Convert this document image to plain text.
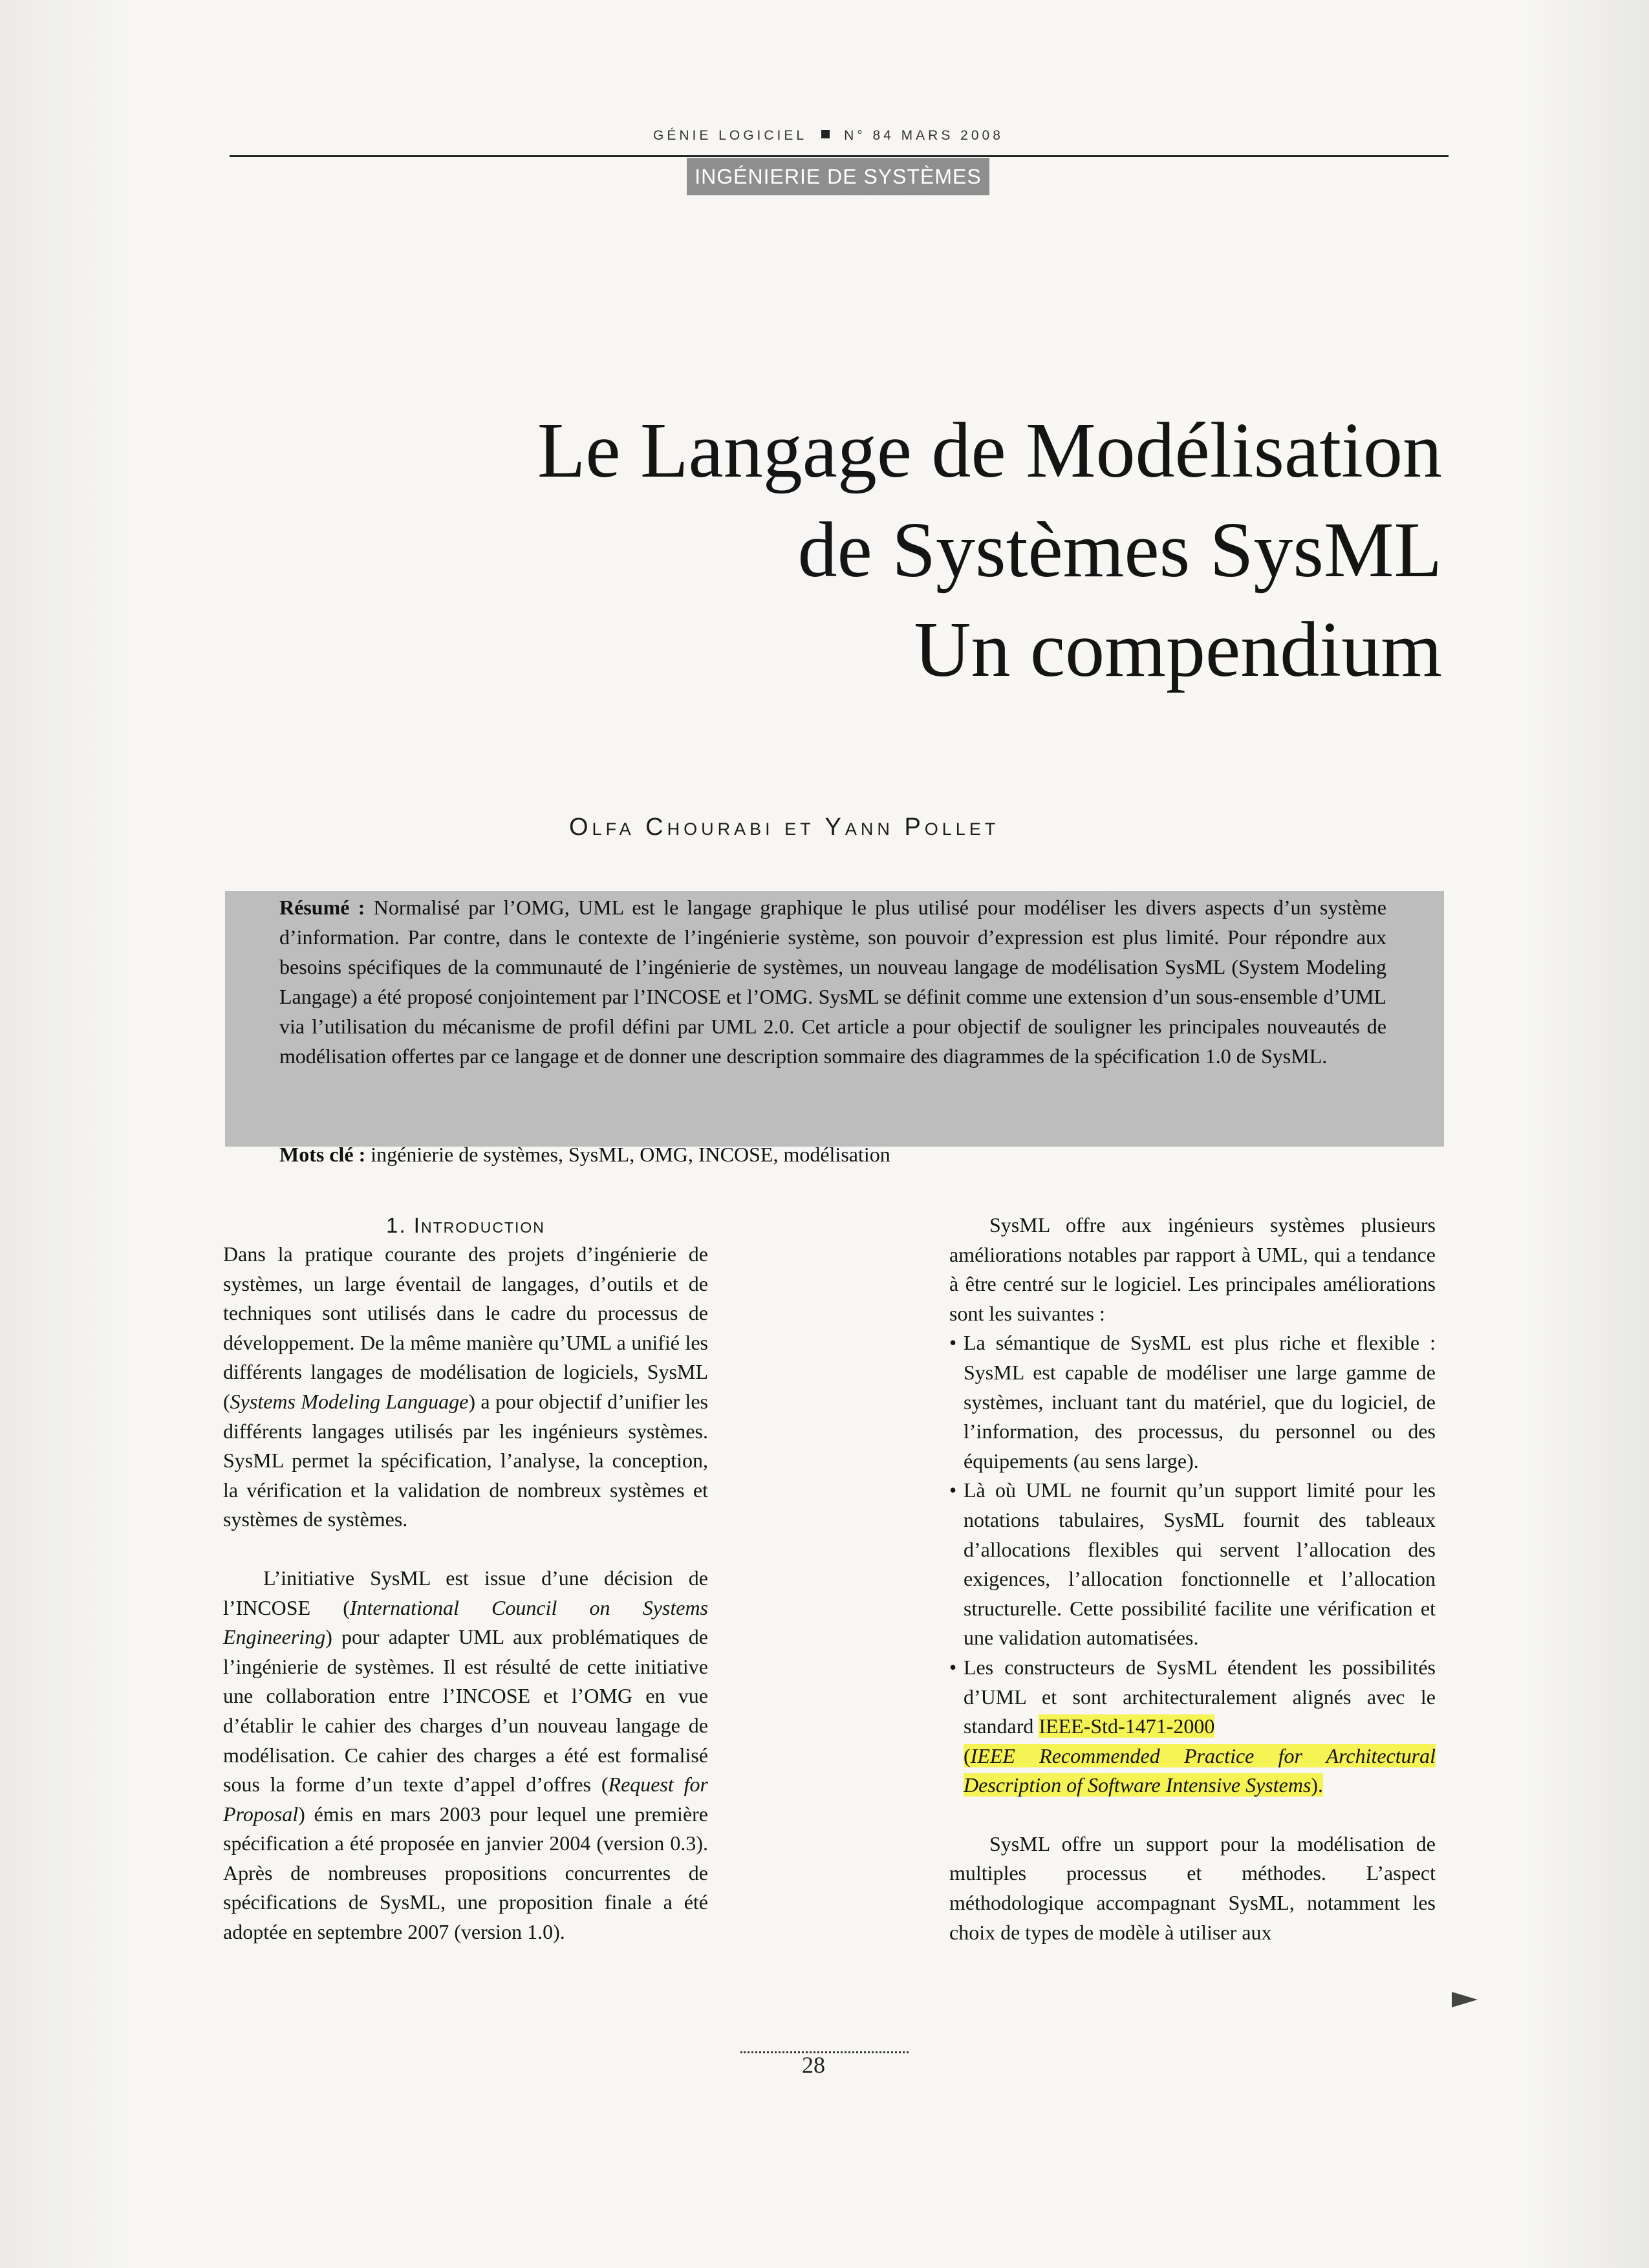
GÉNIE LOGICIEL	N° 84 MARS 2008
INGÉNIERIE DE SYSTÈMES
Le Langage de Modélisation
de Systèmes SysML
Un compendium
Olfa Chourabi et Yann Pollet
Résumé : Normalisé par l’OMG, UML est le langage graphique le plus utilisé pour modéliser les divers aspects d’un système d’information. Par contre, dans le contexte de l’ingénierie système, son pouvoir d’expression est plus limité. Pour répondre aux besoins spécifiques de la communauté de l’ingénierie de systèmes, un nouveau langage de modélisation SysML (System Modeling Langage) a été proposé conjointement par l’INCOSE et l’OMG. SysML se définit comme une extension d’un sous-ensemble d’UML via l’utilisation du mécanisme de profil défini par UML 2.0. Cet article a pour objectif de souligner les principales nouveautés de modélisation offertes par ce langage et de donner une description sommaire des diagrammes de la spécification 1.0 de SysML.
Mots clé : ingénierie de systèmes, SysML, OMG, INCOSE, modélisation
1. Introduction

Dans la pratique courante des projets d’ingénierie de systèmes, un large éventail de langages, d’outils et de techniques sont utilisés dans le cadre du processus de développement. De la même manière qu’UML a unifié les différents langages de modélisation de logiciels, SysML (Systems Modeling Language) a pour objectif d’unifier les différents langages utilisés par les ingénieurs systèmes. SysML permet la spécification, l’analyse, la conception, la vérification et la validation de nombreux systèmes et systèmes de systèmes.

L’initiative SysML est issue d’une décision de l’INCOSE (International Council on Systems Engineering) pour adapter UML aux problématiques de l’ingénierie de systèmes. Il est résulté de cette initiative une collaboration entre l’INCOSE et l’OMG en vue d’établir le cahier des charges d’un nouveau langage de modélisation. Ce cahier des charges a été est formalisé sous la forme d’un texte d’appel d’offres (Request for Proposal) émis en mars 2003 pour lequel une première spécification a été proposée en janvier 2004 (version 0.3). Après de nombreuses propositions concurrentes de spécifications de SysML, une proposition finale a été adoptée en septembre 2007 (version 1.0).

SysML offre aux ingénieurs systèmes plusieurs améliorations notables par rapport à UML, qui a tendance à être centré sur le logiciel. Les principales améliorations sont les suivantes :

• La sémantique de SysML est plus riche et flexible : SysML est capable de modéliser une large gamme de systèmes, incluant tant du matériel, que du logiciel, de l’information, des processus, du personnel ou des équipements (au sens large).
• Là où UML ne fournit qu’un support limité pour les notations tabulaires, SysML fournit des tableaux d’allocations flexibles qui servent l’allocation des exigences, l’allocation fonctionnelle et l’allocation structurelle. Cette possibilité facilite une vérification et une validation automatisées.
• Les constructeurs de SysML étendent les possibilités d’UML et sont architecturalement alignés avec le standard IEEE-Std-1471-2000
(IEEE Recommended Practice for Architectural Description of Software Intensive Systems).

SysML offre un support pour la modélisation de multiples processus et méthodes. L’aspect méthodologique accompagnant SysML, notamment les choix de types de modèle à utiliser aux

28
